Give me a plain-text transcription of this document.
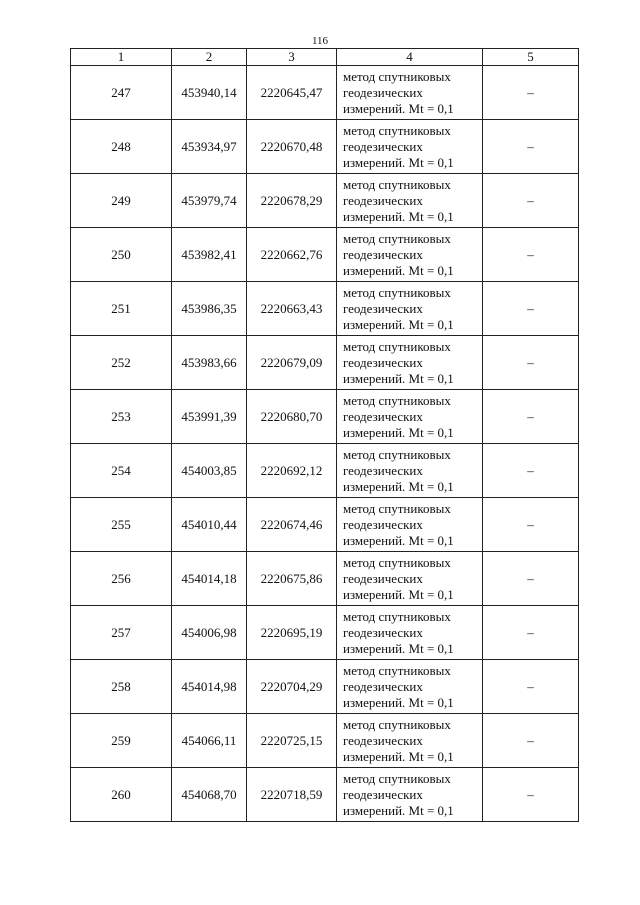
116
1	2	3	4	5
247	453940,14	2220645,47	метод спутниковых
геодезических
измерений. Mt = 0,1	–
248	453934,97	2220670,48	метод спутниковых
геодезических
измерений. Mt = 0,1	–
249	453979,74	2220678,29	метод спутниковых
геодезических
измерений. Mt = 0,1	–
250	453982,41	2220662,76	метод спутниковых
геодезических
измерений. Mt = 0,1	–
251	453986,35	2220663,43	метод спутниковых
геодезических
измерений. Mt = 0,1	–
252	453983,66	2220679,09	метод спутниковых
геодезических
измерений. Mt = 0,1	–
253	453991,39	2220680,70	метод спутниковых
геодезических
измерений. Mt = 0,1	–
254	454003,85	2220692,12	метод спутниковых
геодезических
измерений. Mt = 0,1	–
255	454010,44	2220674,46	метод спутниковых
геодезических
измерений. Mt = 0,1	–
256	454014,18	2220675,86	метод спутниковых
геодезических
измерений. Mt = 0,1	–
257	454006,98	2220695,19	метод спутниковых
геодезических
измерений. Mt = 0,1	–
258	454014,98	2220704,29	метод спутниковых
геодезических
измерений. Mt = 0,1	–
259	454066,11	2220725,15	метод спутниковых
геодезических
измерений. Mt = 0,1	–
260	454068,70	2220718,59	метод спутниковых
геодезических
измерений. Mt = 0,1	–
